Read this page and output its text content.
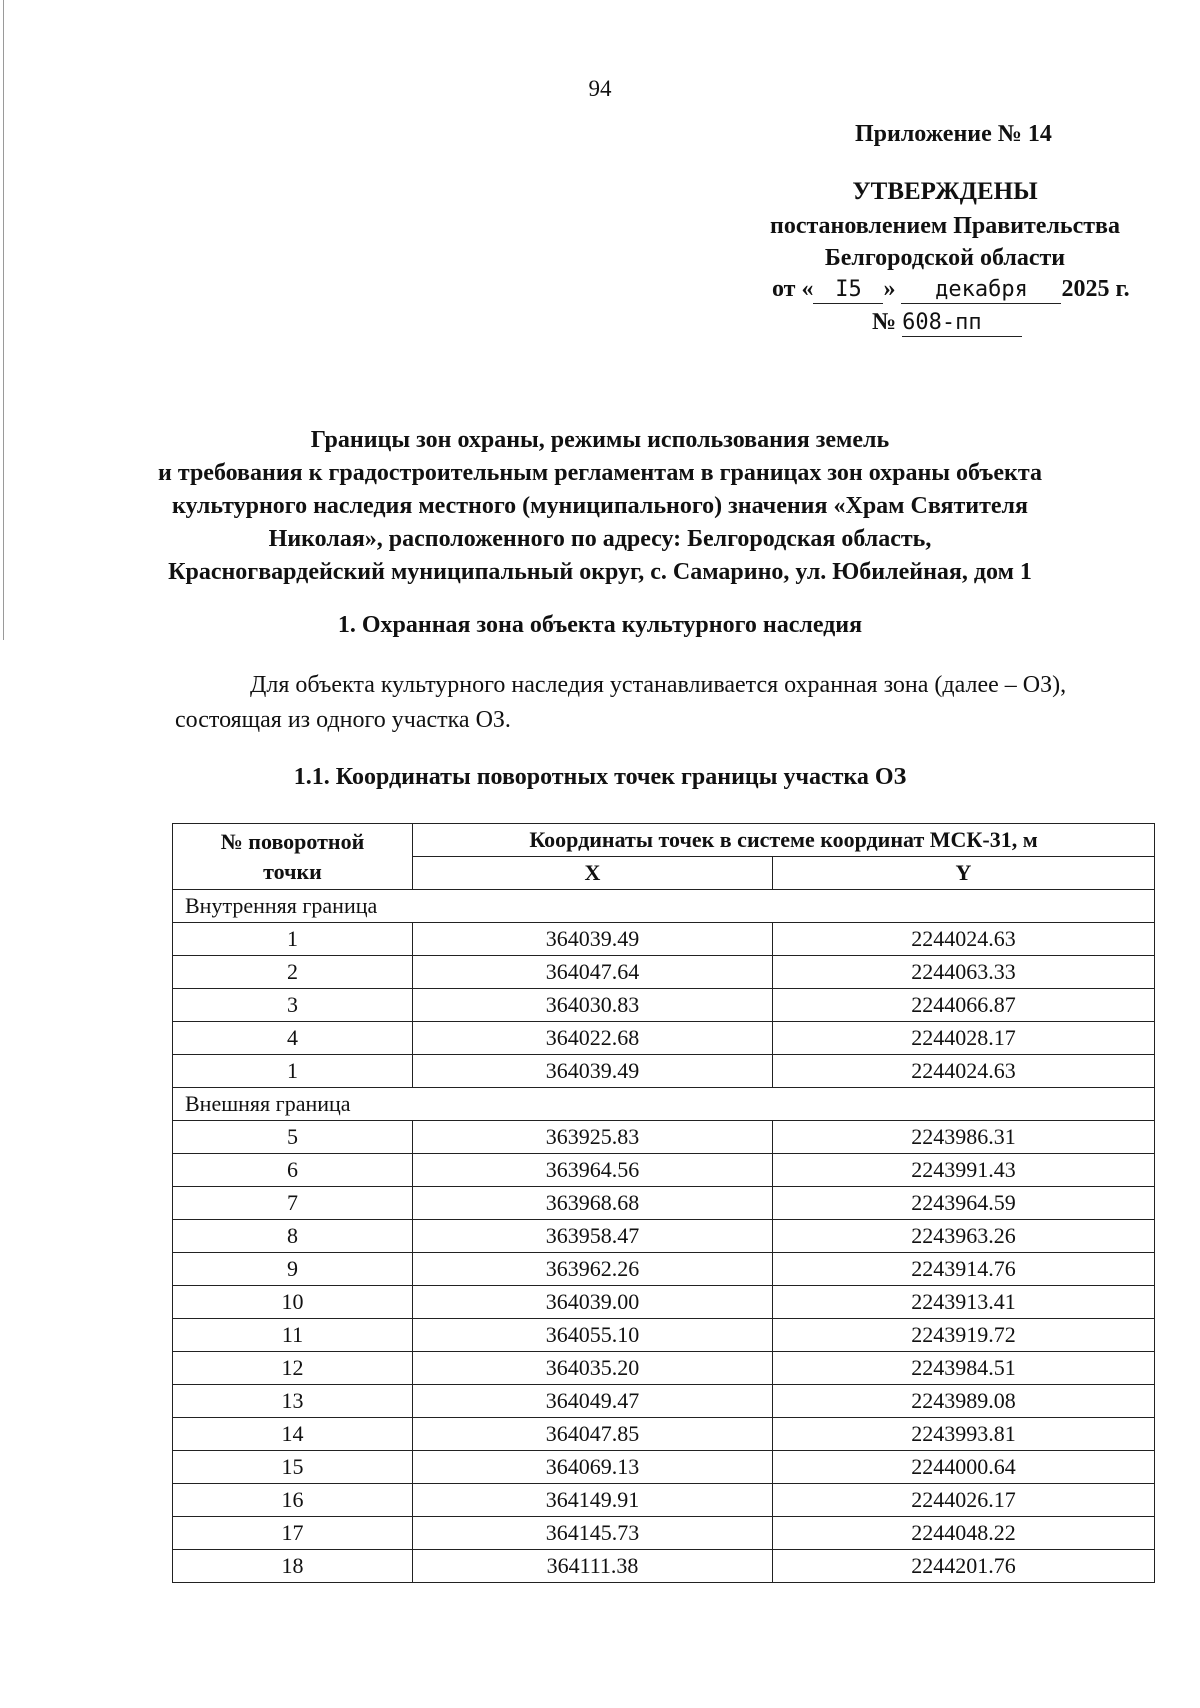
94
Приложение № 14
УТВЕРЖДЕНЫ
постановлением Правительства
Белгородской области
от « I5 » декабря 2025 г.
№ 608-пп
Границы зон охраны, режимы использования земель
и требования к градостроительным регламентам в границах зон охраны объекта
культурного наследия местного (муниципального) значения «Храм Святителя
Николая», расположенного по адресу: Белгородская область,
Красногвардейский муниципальный округ, с. Самарино, ул. Юбилейная, дом 1
1. Охранная зона объекта культурного наследия
Для объекта культурного наследия устанавливается охранная зона (далее – ОЗ),
состоящая из одного участка ОЗ.
1.1. Координаты поворотных точек границы участка ОЗ
№ поворотной
точки	Координаты точек в системе координат МСК-31, м	
	X	Y
Внутренняя граница		
1	364039.49	2244024.63
2	364047.64	2244063.33
3	364030.83	2244066.87
4	364022.68	2244028.17
1	364039.49	2244024.63
Внешняя граница		
5	363925.83	2243986.31
6	363964.56	2243991.43
7	363968.68	2243964.59
8	363958.47	2243963.26
9	363962.26	2243914.76
10	364039.00	2243913.41
11	364055.10	2243919.72
12	364035.20	2243984.51
13	364049.47	2243989.08
14	364047.85	2243993.81
15	364069.13	2244000.64
16	364149.91	2244026.17
17	364145.73	2244048.22
18	364111.38	2244201.76
